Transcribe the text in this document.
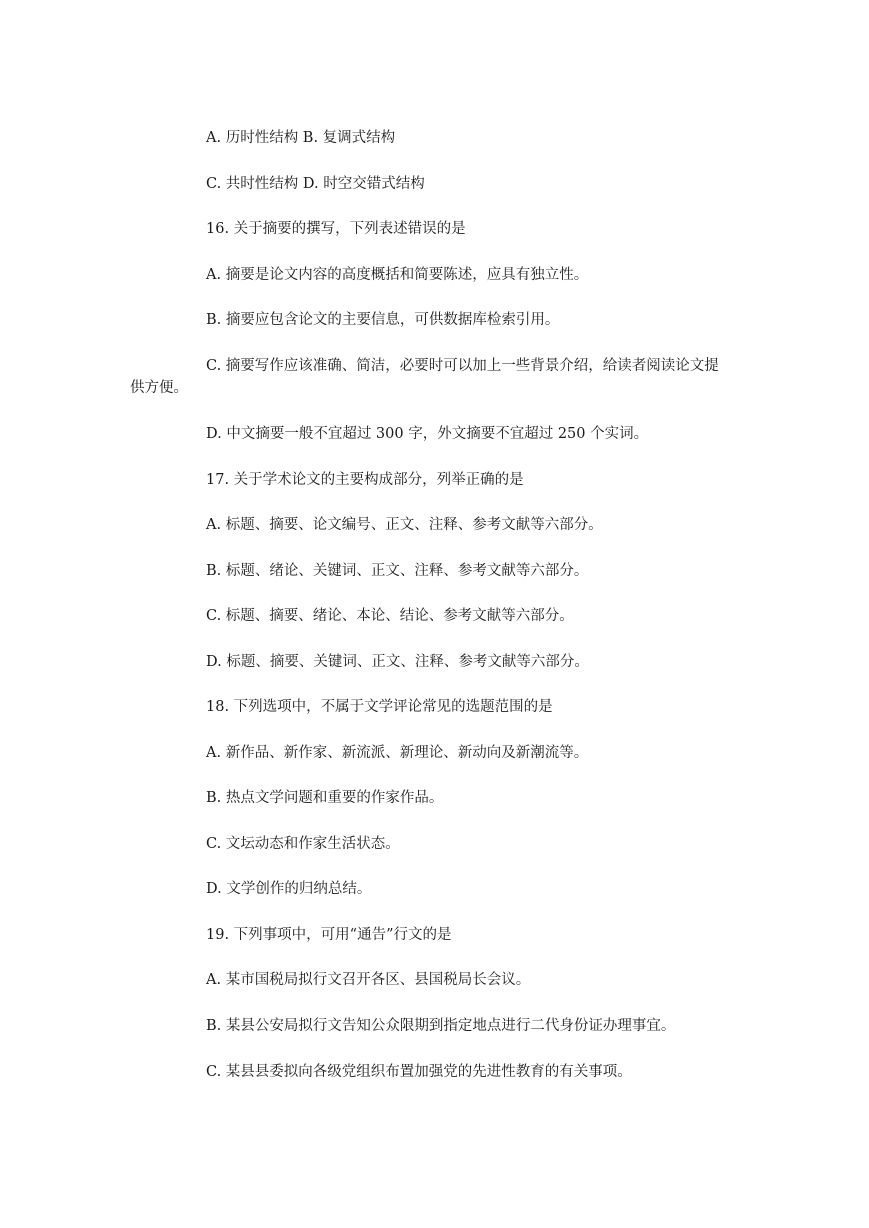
A. 历时性结构 B. 复调式结构
C. 共时性结构 D. 时空交错式结构
16. 关于摘要的撰写，下列表述错误的是
A. 摘要是论文内容的高度概括和简要陈述，应具有独立性。
B. 摘要应包含论文的主要信息，可供数据库检索引用。
C. 摘要写作应该准确、简洁，必要时可以加上一些背景介绍，给读者阅读论文提
供方便。
D. 中文摘要一般不宜超过 300 字，外文摘要不宜超过 250 个实词。
17. 关于学术论文的主要构成部分，列举正确的是
A. 标题、摘要、论文编号、正文、注释、参考文献等六部分。
B. 标题、绪论、关键词、正文、注释、参考文献等六部分。
C. 标题、摘要、绪论、本论、结论、参考文献等六部分。
D. 标题、摘要、关键词、正文、注释、参考文献等六部分。
18. 下列选项中，不属于文学评论常见的选题范围的是
A. 新作品、新作家、新流派、新理论、新动向及新潮流等。
B. 热点文学问题和重要的作家作品。
C. 文坛动态和作家生活状态。
D. 文学创作的归纳总结。
19. 下列事项中，可用“通告”行文的是
A. 某市国税局拟行文召开各区、县国税局长会议。
B. 某县公安局拟行文告知公众限期到指定地点进行二代身份证办理事宜。
C. 某县县委拟向各级党组织布置加强党的先进性教育的有关事项。
